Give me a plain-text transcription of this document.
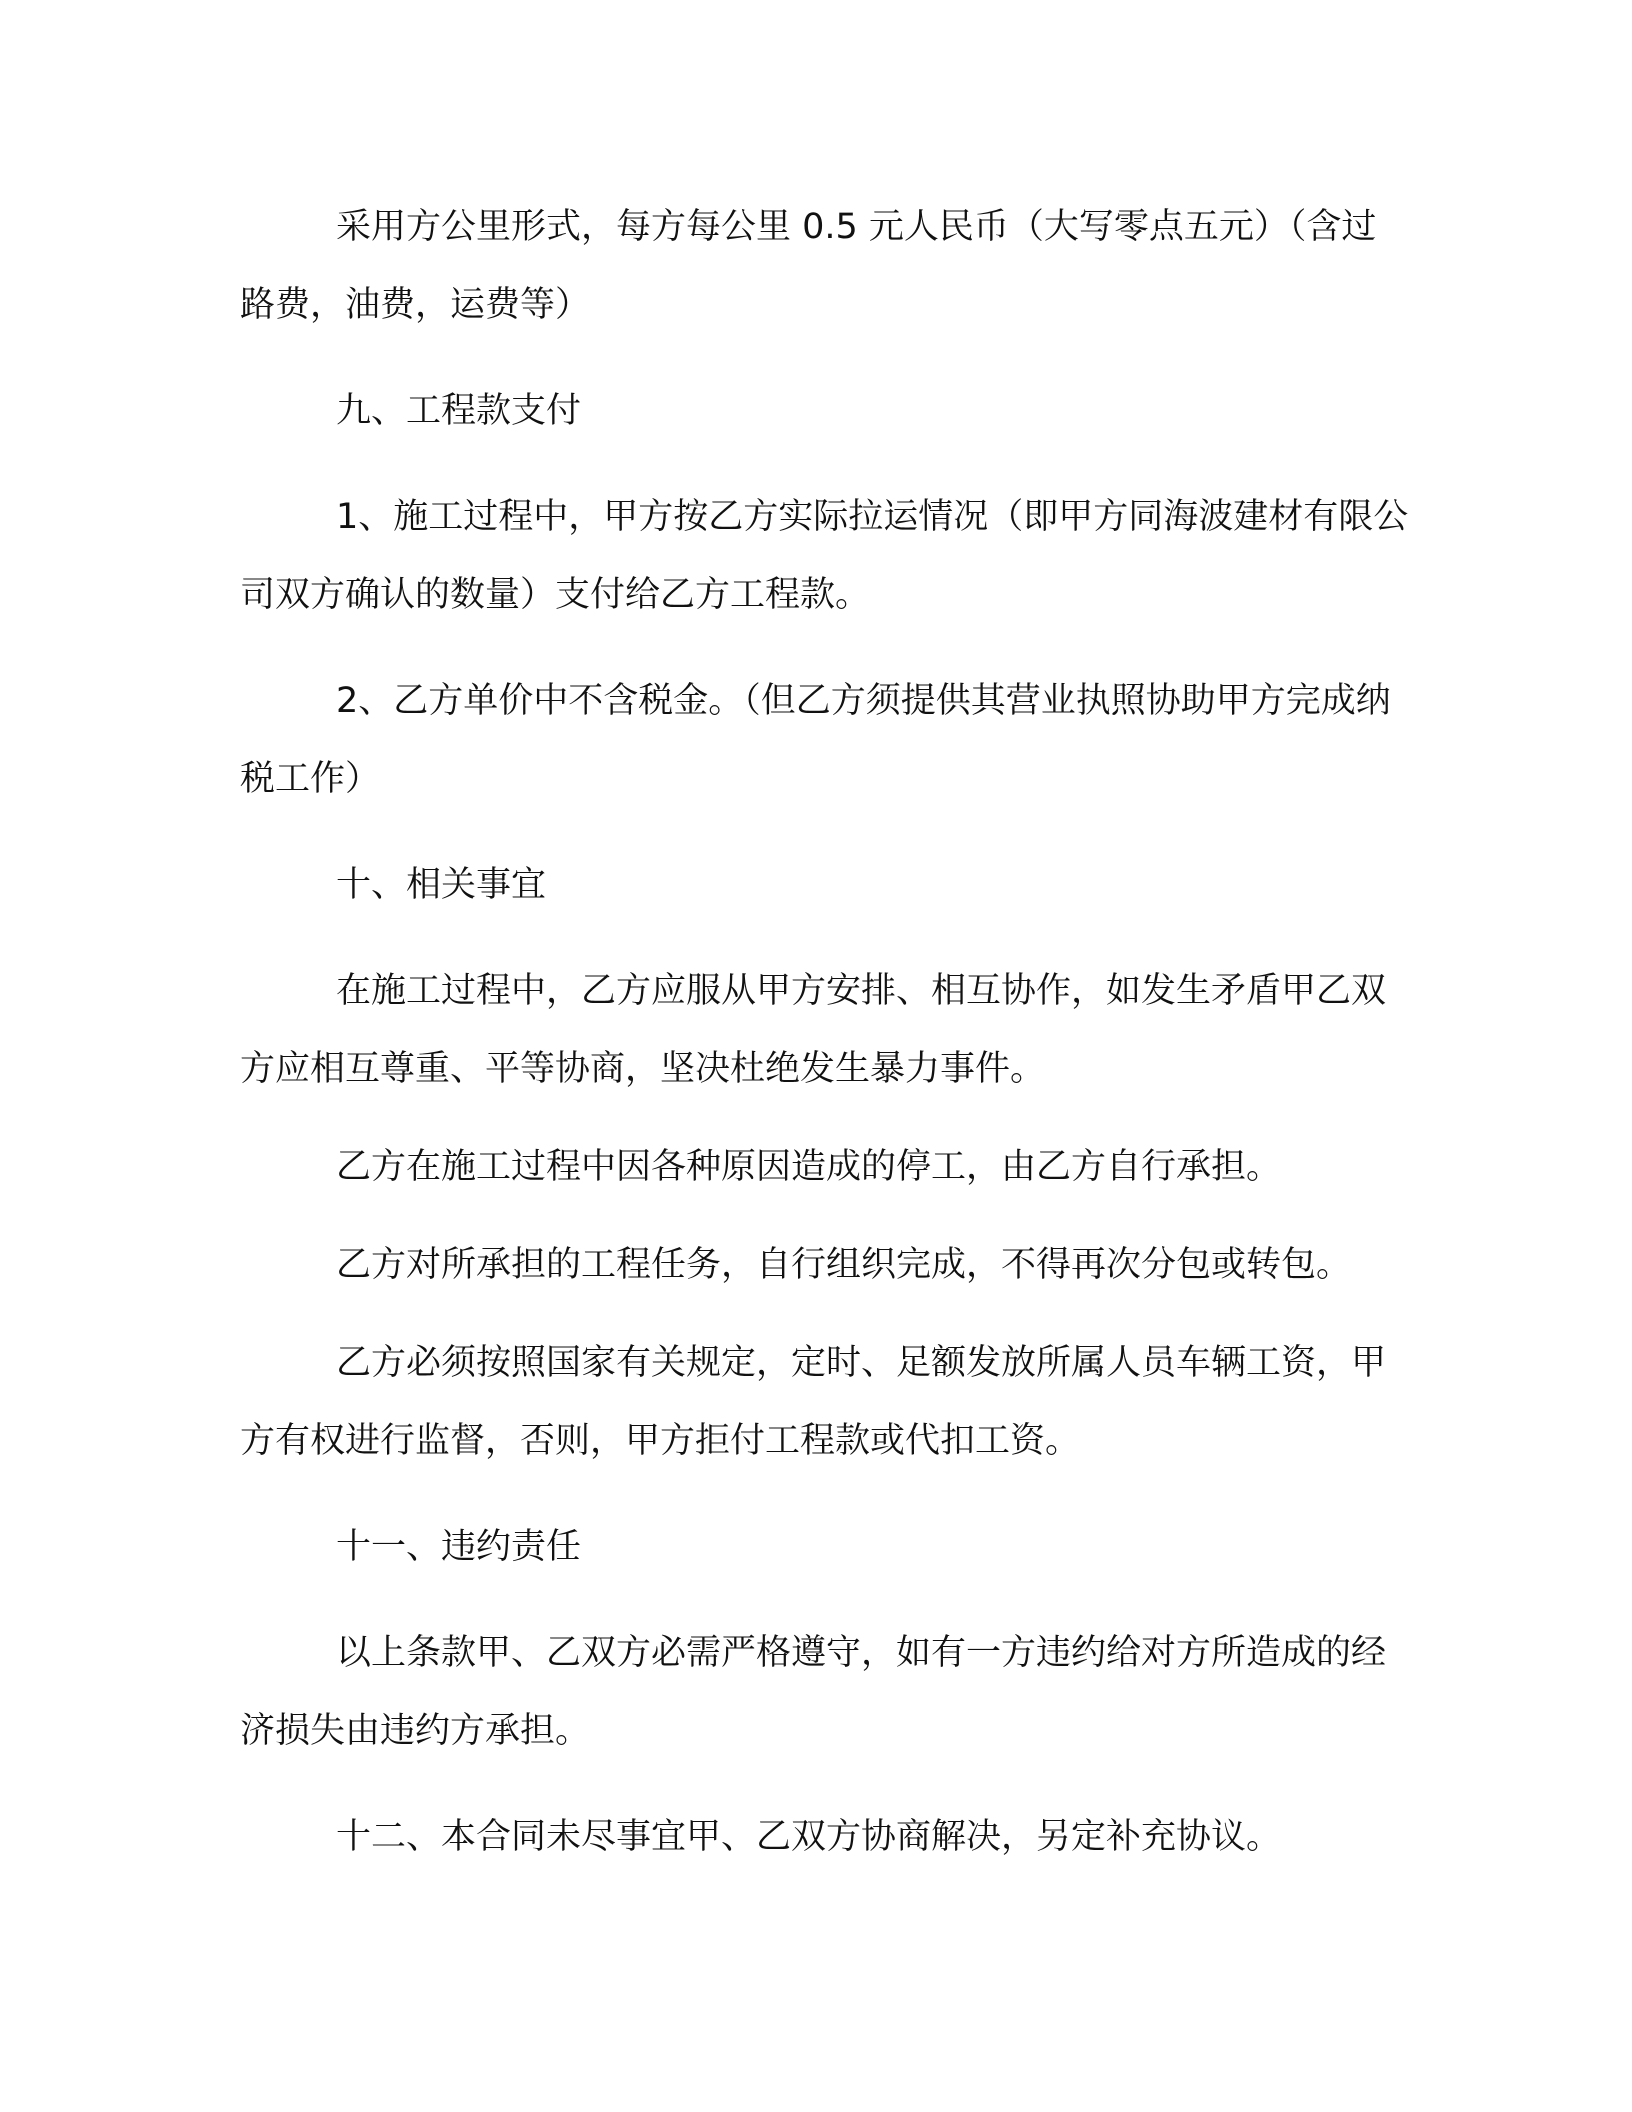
采用方公里形式，每方每公里 0.5 元人民币（大写零点五元）（含过路费，油费，运费等）

九、工程款支付

1、施工过程中，甲方按乙方实际拉运情况（即甲方同海波建材有限公司双方确认的数量）支付给乙方工程款。

2、乙方单价中不含税金。（但乙方须提供其营业执照协助甲方完成纳税工作）

十、相关事宜

在施工过程中，乙方应服从甲方安排、相互协作，如发生矛盾甲乙双方应相互尊重、平等协商，坚决杜绝发生暴力事件。

乙方在施工过程中因各种原因造成的停工，由乙方自行承担。

乙方对所承担的工程任务，自行组织完成，不得再次分包或转包。

乙方必须按照国家有关规定，定时、足额发放所属人员车辆工资，甲方有权进行监督，否则，甲方拒付工程款或代扣工资。

十一、违约责任

以上条款甲、乙双方必需严格遵守，如有一方违约给对方所造成的经济损失由违约方承担。

十二、本合同未尽事宜甲、乙双方协商解决，另定补充协议。
